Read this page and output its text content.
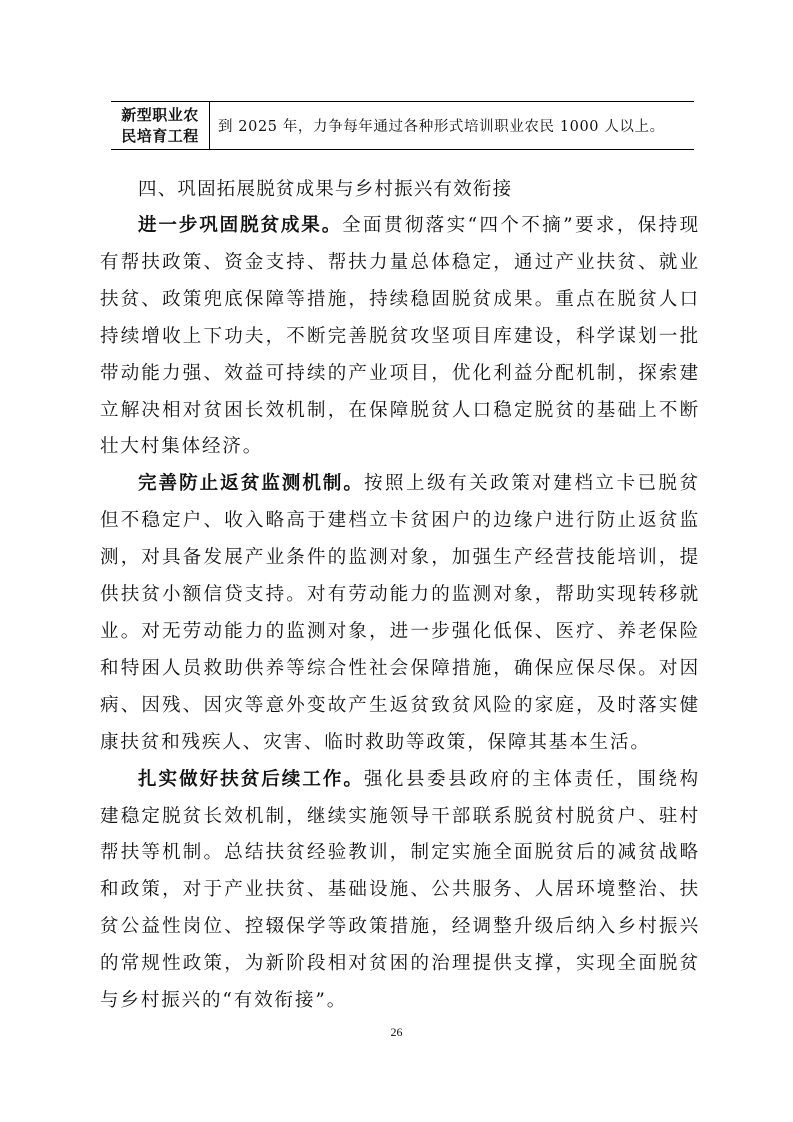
新型职业农
民培育工程	到 2025 年，力争每年通过各种形式培训职业农民 1000 人以上。
四、巩固拓展脱贫成果与乡村振兴有效衔接

进一步巩固脱贫成果。全面贯彻落实“四个不摘”要求，保持现有帮扶政策、资金支持、帮扶力量总体稳定，通过产业扶贫、就业扶贫、政策兜底保障等措施，持续稳固脱贫成果。重点在脱贫人口持续增收上下功夫，不断完善脱贫攻坚项目库建设，科学谋划一批带动能力强、效益可持续的产业项目，优化利益分配机制，探索建立解决相对贫困长效机制，在保障脱贫人口稳定脱贫的基础上不断壮大村集体经济。

完善防止返贫监测机制。按照上级有关政策对建档立卡已脱贫但不稳定户、收入略高于建档立卡贫困户的边缘户进行防止返贫监测，对具备发展产业条件的监测对象，加强生产经营技能培训，提供扶贫小额信贷支持。对有劳动能力的监测对象，帮助实现转移就业。对无劳动能力的监测对象，进一步强化低保、医疗、养老保险和特困人员救助供养等综合性社会保障措施，确保应保尽保。对因病、因残、因灾等意外变故产生返贫致贫风险的家庭，及时落实健康扶贫和残疾人、灾害、临时救助等政策，保障其基本生活。

扎实做好扶贫后续工作。强化县委县政府的主体责任，围绕构建稳定脱贫长效机制，继续实施领导干部联系脱贫村脱贫户、驻村帮扶等机制。总结扶贫经验教训，制定实施全面脱贫后的减贫战略和政策，对于产业扶贫、基础设施、公共服务、人居环境整治、扶贫公益性岗位、控辍保学等政策措施，经调整升级后纳入乡村振兴的常规性政策，为新阶段相对贫困的治理提供支撑，实现全面脱贫与乡村振兴的“有效衔接”。

26
